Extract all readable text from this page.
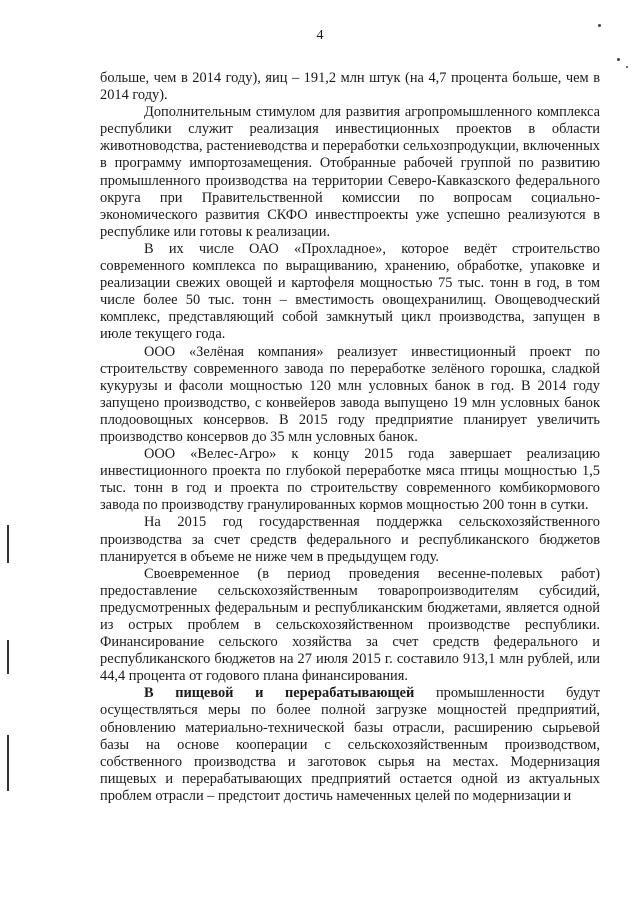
4

больше, чем в 2014 году), яиц – 191,2 млн штук (на 4,7 процента больше, чем в 2014 году).

Дополнительным стимулом для развития агропромышленного комплекса республики служит реализация инвестиционных проектов в области животноводства, растениеводства и переработки сельхозпродукции, включенных в программу импортозамещения. Отобранные рабочей группой по развитию промышленного производства на территории Северо-Кавказского федерального округа при Правительственной комиссии по вопросам социально-экономического развития СКФО инвестпроекты уже успешно реализуются в республике или готовы к реализации.

В их числе ОАО «Прохладное», которое ведёт строительство современного комплекса по выращиванию, хранению, обработке, упаковке и реализации свежих овощей и картофеля мощностью 75 тыс. тонн в год, в том числе более 50 тыс. тонн – вместимость овощехранилищ. Овощеводческий комплекс, представляющий собой замкнутый цикл производства, запущен в июле текущего года.

ООО «Зелёная компания» реализует инвестиционный проект по строительству современного завода по переработке зелёного горошка, сладкой кукурузы и фасоли мощностью 120 млн условных банок в год. В 2014 году запущено производство, с конвейеров завода выпущено 19 млн условных банок плодоовощных консервов. В 2015 году предприятие планирует увеличить производство консервов до 35 млн условных банок.

ООО «Велес-Агро» к концу 2015 года завершает реализацию инвестиционного проекта по глубокой переработке мяса птицы мощностью 1,5 тыс. тонн в год и проекта по строительству современного комбикормового завода по производству гранулированных кормов мощностью 200 тонн в сутки.

На 2015 год государственная поддержка сельскохозяйственного производства за счет средств федерального и республиканского бюджетов планируется в объеме не ниже чем в предыдущем году.

Своевременное (в период проведения весенне-полевых работ) предоставление сельскохозяйственным товаропроизводителям субсидий, предусмотренных федеральным и республиканским бюджетами, является одной из острых проблем в сельскохозяйственном производстве республики. Финансирование сельского хозяйства за счет средств федерального и республиканского бюджетов на 27 июля 2015 г. составило 913,1 млн рублей, или 44,4 процента от годового плана финансирования.

В пищевой и перерабатывающей промышленности будут осуществляться меры по более полной загрузке мощностей предприятий, обновлению материально-технической базы отрасли, расширению сырьевой базы на основе кооперации с сельскохозяйственным производством, собственного производства и заготовок сырья на местах. Модернизация пищевых и перерабатывающих предприятий остается одной из актуальных проблем отрасли – предстоит достичь намеченных целей по модернизации и
